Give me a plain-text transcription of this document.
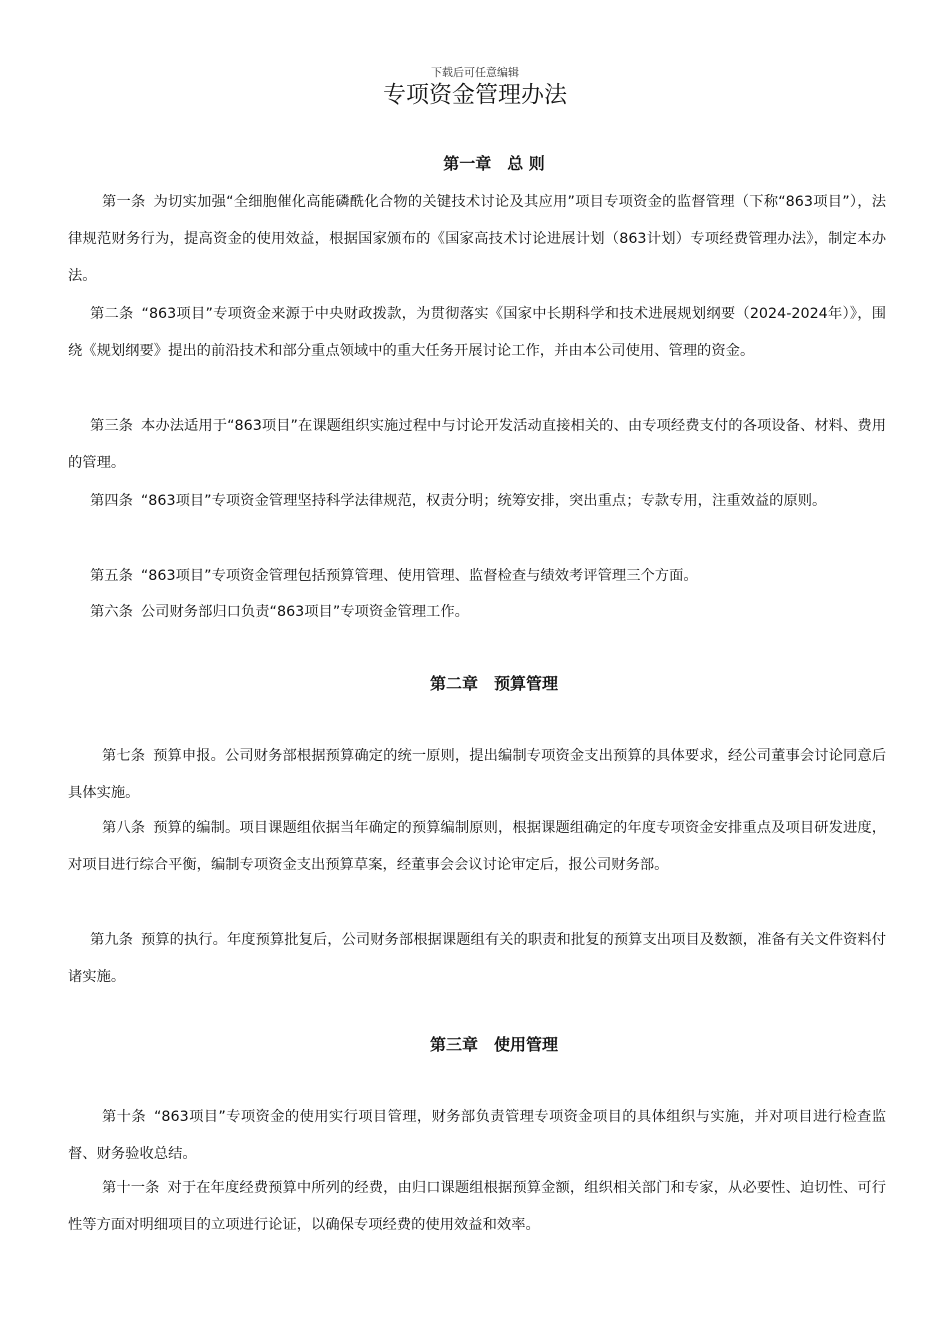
下载后可任意编辑
专项资金管理办法
第一章　总 则

第一条 为切实加强“全细胞催化高能磷酰化合物的关键技术讨论及其应用”项目专项资金的监督管理（下称“863项目”），法律规范财务行为，提高资金的使用效益，根据国家颁布的《国家高技术讨论进展计划（863计划）专项经费管理办法》，制定本办法。

第二条 “863项目”专项资金来源于中央财政拨款，为贯彻落实《国家中长期科学和技术进展规划纲要（2024-2024年）》，围绕《规划纲要》提出的前沿技术和部分重点领域中的重大任务开展讨论工作，并由本公司使用、管理的资金。

第三条 本办法适用于“863项目”在课题组织实施过程中与讨论开发活动直接相关的、由专项经费支付的各项设备、材料、费用的管理。

第四条 “863项目”专项资金管理坚持科学法律规范，权责分明；统筹安排，突出重点；专款专用，注重效益的原则。

第五条 “863项目”专项资金管理包括预算管理、使用管理、监督检查与绩效考评管理三个方面。

第六条 公司财务部归口负责“863项目”专项资金管理工作。

第二章　预算管理

第七条 预算申报。公司财务部根据预算确定的统一原则，提出编制专项资金支出预算的具体要求，经公司董事会讨论同意后具体实施。

第八条 预算的编制。项目课题组依据当年确定的预算编制原则，根据课题组确定的年度专项资金安排重点及项目研发进度，对项目进行综合平衡，编制专项资金支出预算草案，经董事会会议讨论审定后，报公司财务部。

第九条 预算的执行。年度预算批复后，公司财务部根据课题组有关的职责和批复的预算支出项目及数额，准备有关文件资料付诸实施。

第三章　使用管理

第十条 “863项目”专项资金的使用实行项目管理，财务部负责管理专项资金项目的具体组织与实施，并对项目进行检查监督、财务验收总结。

第十一条 对于在年度经费预算中所列的经费，由归口课题组根据预算金额，组织相关部门和专家，从必要性、迫切性、可行性等方面对明细项目的立项进行论证，以确保专项经费的使用效益和效率。
